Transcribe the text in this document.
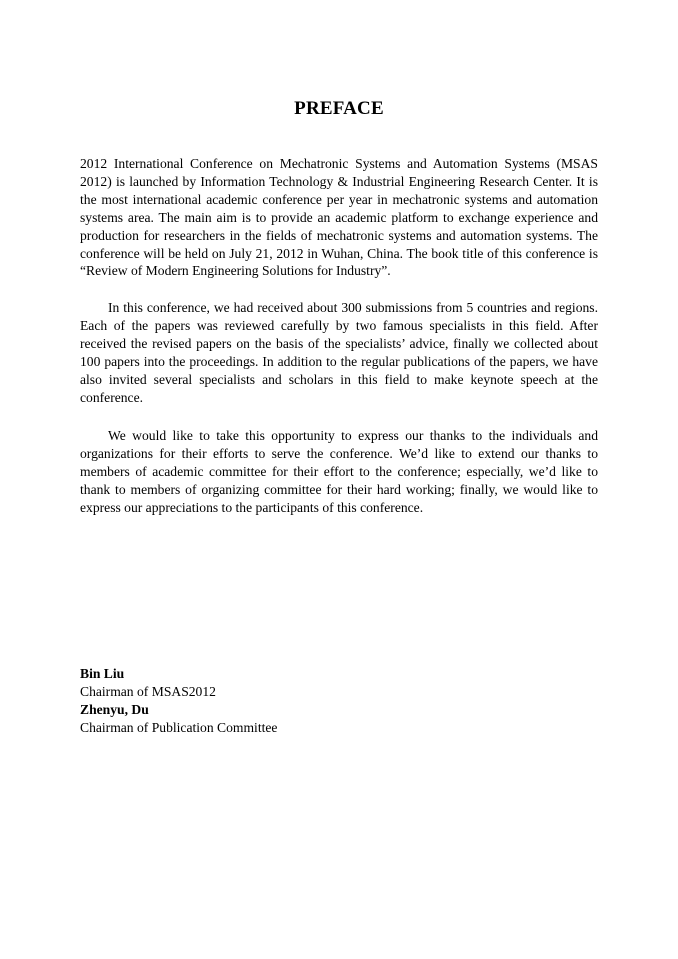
PREFACE

2012 International Conference on Mechatronic Systems and Automation Systems (MSAS 2012) is launched by Information Technology & Industrial Engineering Research Center. It is the most international academic conference per year in mechatronic systems and automation systems area. The main aim is to provide an academic platform to exchange experience and production for researchers in the fields of mechatronic systems and automation systems. The conference will be held on July 21, 2012 in Wuhan, China. The book title of this conference is “Review of Modern Engineering Solutions for Industry”.

In this conference, we had received about 300 submissions from 5 countries and regions. Each of the papers was reviewed carefully by two famous specialists in this field. After received the revised papers on the basis of the specialists’ advice, finally we collected about 100 papers into the proceedings. In addition to the regular publications of the papers, we have also invited several specialists and scholars in this field to make keynote speech at the conference.

We would like to take this opportunity to express our thanks to the individuals and organizations for their efforts to serve the conference. We’d like to extend our thanks to members of academic committee for their effort to the conference; especially, we’d like to thank to members of organizing committee for their hard working; finally, we would like to express our appreciations to the participants of this conference.

Bin Liu
Chairman of MSAS2012
Zhenyu, Du
Chairman of Publication Committee
